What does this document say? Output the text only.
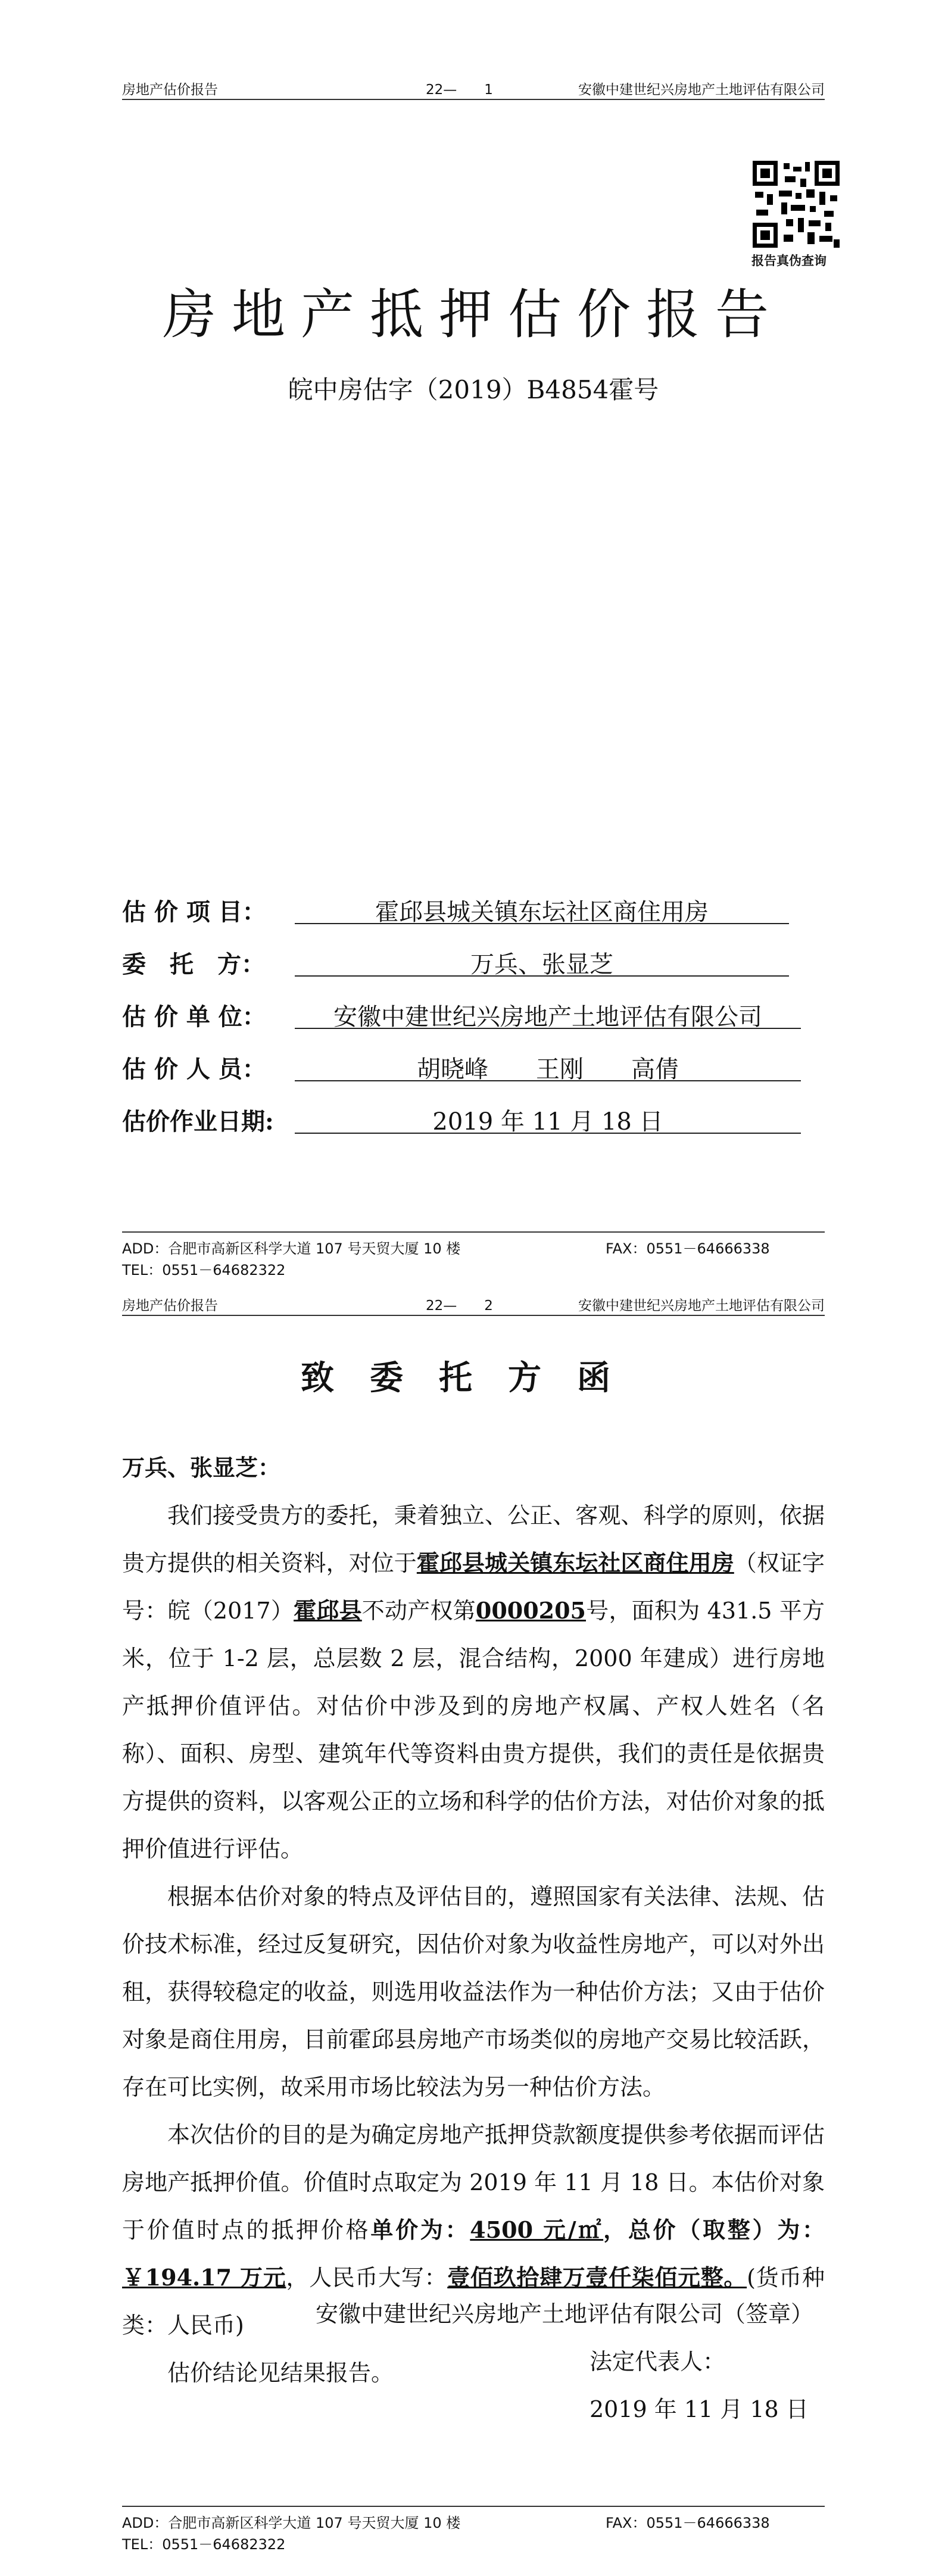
房地产估价报告	22—　　1	安徽中建世纪兴房地产土地评估有限公司
报告真伪查询
房地产抵押估价报告
皖中房估字（2019）B4854霍号
估 价 项 目：	霍邱县城关镇东坛社区商住用房
委　托　方：	万兵、张显芝
估 价 单 位：	安徽中建世纪兴房地产土地评估有限公司
估 价 人 员：	胡晓峰　　王刚　　高倩
估价作业日期:	2019 年 11 月 18 日
ADD：合肥市高新区科学大道 107 号天贸大厦 10 楼	FAX：0551－64666338
TEL：0551－64682322
房地产估价报告	22—　　2	安徽中建世纪兴房地产土地评估有限公司
致委托方函

万兵、张显芝：

我们接受贵方的委托，秉着独立、公正、客观、科学的原则，依据贵方提供的相关资料，对位于霍邱县城关镇东坛社区商住用房（权证字号：皖（2017）霍邱县不动产权第0000205号，面积为 431.5 平方米，位于 1-2 层，总层数 2 层，混合结构，2000 年建成）进行房地产抵押价值评估。对估价中涉及到的房地产权属、产权人姓名（名称）、面积、房型、建筑年代等资料由贵方提供，我们的责任是依据贵方提供的资料，以客观公正的立场和科学的估价方法，对估价对象的抵押价值进行评估。

根据本估价对象的特点及评估目的，遵照国家有关法律、法规、估价技术标准，经过反复研究，因估价对象为收益性房地产，可以对外出租，获得较稳定的收益，则选用收益法作为一种估价方法；又由于估价对象是商住用房，目前霍邱县房地产市场类似的房地产交易比较活跃，存在可比实例，故采用市场比较法为另一种估价方法。

本次估价的目的是为确定房地产抵押贷款额度提供参考依据而评估房地产抵押价值。价值时点取定为 2019 年 11 月 18 日。本估价对象于价值时点的抵押价格单价为：4500 元/㎡，总价（取整）为：￥194.17 万元，人民币大写：壹佰玖拾肆万壹仟柒佰元整。(货币种类：人民币)

估价结论见结果报告。

安徽中建世纪兴房地产土地评估有限公司（签章）
法定代表人：
2019 年 11 月 18 日
ADD：合肥市高新区科学大道 107 号天贸大厦 10 楼	FAX：0551－64666338
TEL：0551－64682322
